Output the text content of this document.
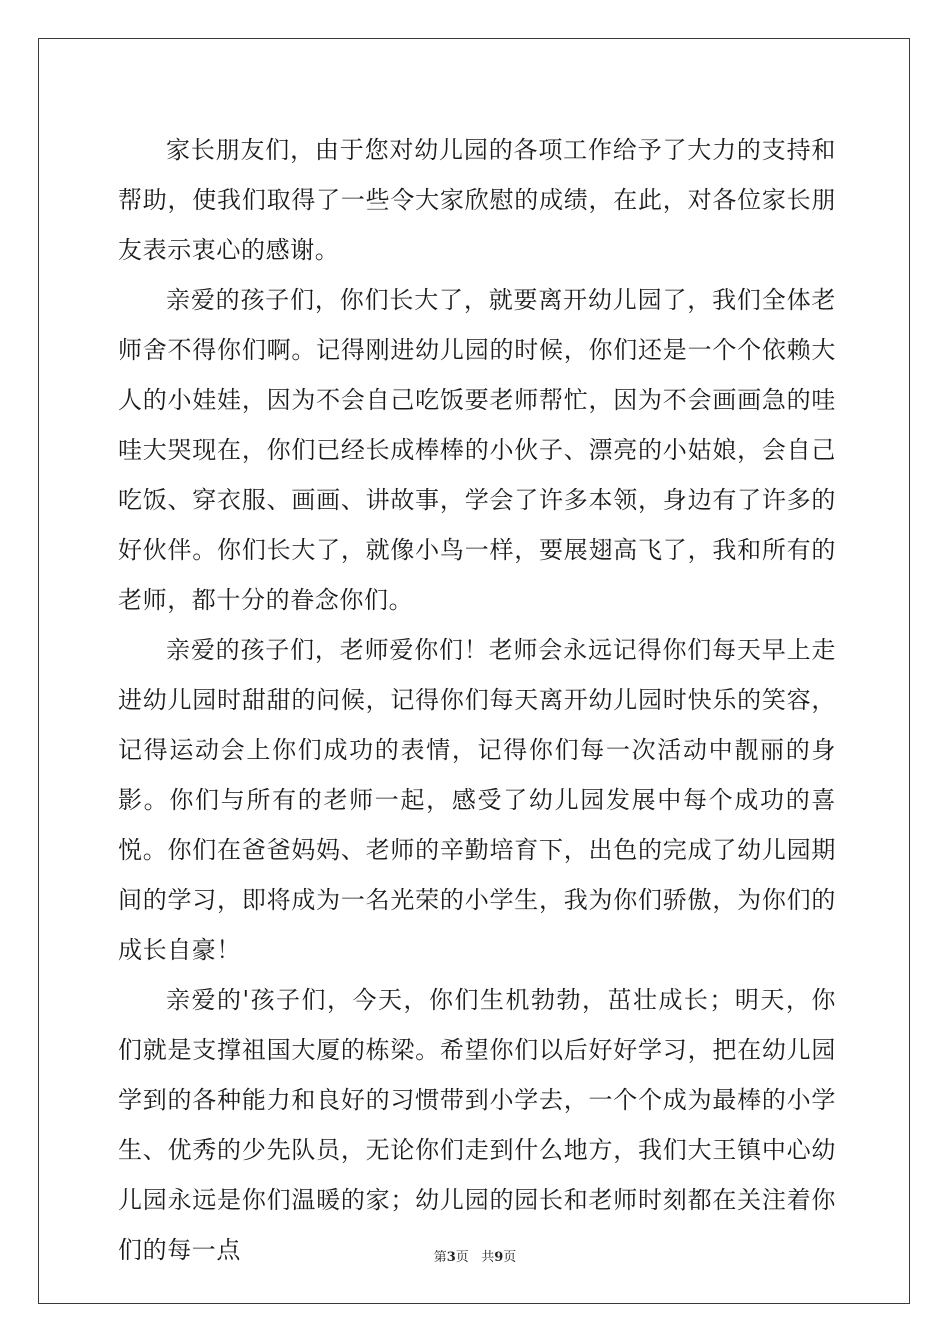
家长朋友们，由于您对幼儿园的各项工作给予了大力的支持和帮助，使我们取得了一些令大家欣慰的成绩，在此，对各位家长朋友表示衷心的感谢。

亲爱的孩子们，你们长大了，就要离开幼儿园了，我们全体老师舍不得你们啊。记得刚进幼儿园的时候，你们还是一个个依赖大人的小娃娃，因为不会自己吃饭要老师帮忙，因为不会画画急的哇哇大哭现在，你们已经长成棒棒的小伙子、漂亮的小姑娘，会自己吃饭、穿衣服、画画、讲故事，学会了许多本领，身边有了许多的好伙伴。你们长大了，就像小鸟一样，要展翅高飞了，我和所有的老师，都十分的眷念你们。

亲爱的孩子们，老师爱你们！老师会永远记得你们每天早上走进幼儿园时甜甜的问候，记得你们每天离开幼儿园时快乐的笑容，记得运动会上你们成功的表情，记得你们每一次活动中靓丽的身影。你们与所有的老师一起，感受了幼儿园发展中每个成功的喜悦。你们在爸爸妈妈、老师的辛勤培育下，出色的完成了幼儿园期间的学习，即将成为一名光荣的小学生，我为你们骄傲，为你们的成长自豪！

亲爱的'孩子们，今天，你们生机勃勃，茁壮成长；明天，你们就是支撑祖国大厦的栋梁。希望你们以后好好学习，把在幼儿园学到的各种能力和良好的习惯带到小学去，一个个成为最棒的小学生、优秀的少先队员，无论你们走到什么地方，我们大王镇中心幼儿园永远是你们温暖的家；幼儿园的园长和老师时刻都在关注着你们的每一点	第3页 共9页
